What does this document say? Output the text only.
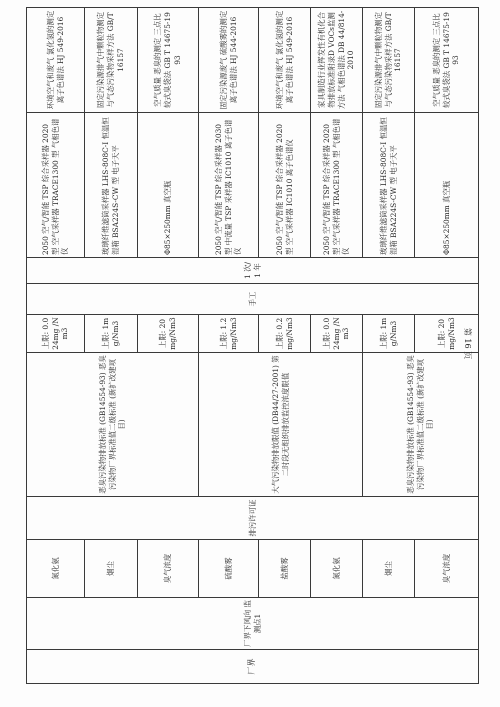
厂界	厂界下风向 监测点1	氮化氨	排污许可证	恶臭污染物排放标准 (GB14554-93) 恶臭污染物厂界标准值二级标准 (新扩改建项目)	上限: 0.024mg /Nm3	手工	1 次/1 年	2050 空气/智能 TSP 综合采样器 2020 型 空气采样器 TRACE1300 型 气相色谱仪	环境空气和废气 氯化氢的测定 离子色谱法 HJ 549-2016
		烟尘			上限: 1mg/Nm3			玻璃纤维滤筒采样器 LHS-808C-I 恒温恒湿箱 BSA224S-CW 型 电子天平	固定污染源排气中颗粒物测定与气态污染物采样方法 GB/T 16157
		臭气浓度			上限: 20mg/Nm3			Φ85×250mm 真空瓶	空气质量 恶臭的测定 三点比较式臭袋法 GB T 14675-1993
		硫酸雾		大气污染物排放限值 (DB44/27-2001) 第二时段无组织排放监控浓度限值	上限: 1.2mg/Nm3			2050 空气/智能 TSP 综合采样器 2030 型 中流量 TSP 采样器 IC1010 离子色谱仪	固定污染源废气 硫酸雾的测定 离子色谱法 HJ 544-2016
		盐酸雾			上限: 0.2mg/Nm3			2050 空气/智能 TSP 综合采样器 2020 型 空气采样器 IC1010 离子色谱仪	环境空气和废气 氯化氢的测定 离子色谱法 HJ 549-2016
		氮化氨			上限: 0.024mg /Nm3			2050 空气/智能 TSP 综合采样器 2020 型 空气采样器 TRACE1300 型 气相色谱仪	家具制造行业挥发性有机化合物排放标准附录D VOCs监测方法 气相色谱法 DB 44/814-2010
		烟尘		恶臭污染物排放标准 (GB14554-93) 恶臭污染物厂界标准值二级标准 (新扩改建项目)	上限: 1mg/Nm3			玻璃纤维滤筒采样器 LHS-808C-I 恒温恒湿箱 BSA224S-CW 型 电子天平	固定污染源排气中颗粒物测定与气态污染物采样方法 GB/T 16157
		臭气浓度			上限: 20mg/Nm3			Φ85×250mm 真空瓶	空气质量 恶臭的测定 三点比较式臭袋法 GB T 14675-1993
第 16 页
